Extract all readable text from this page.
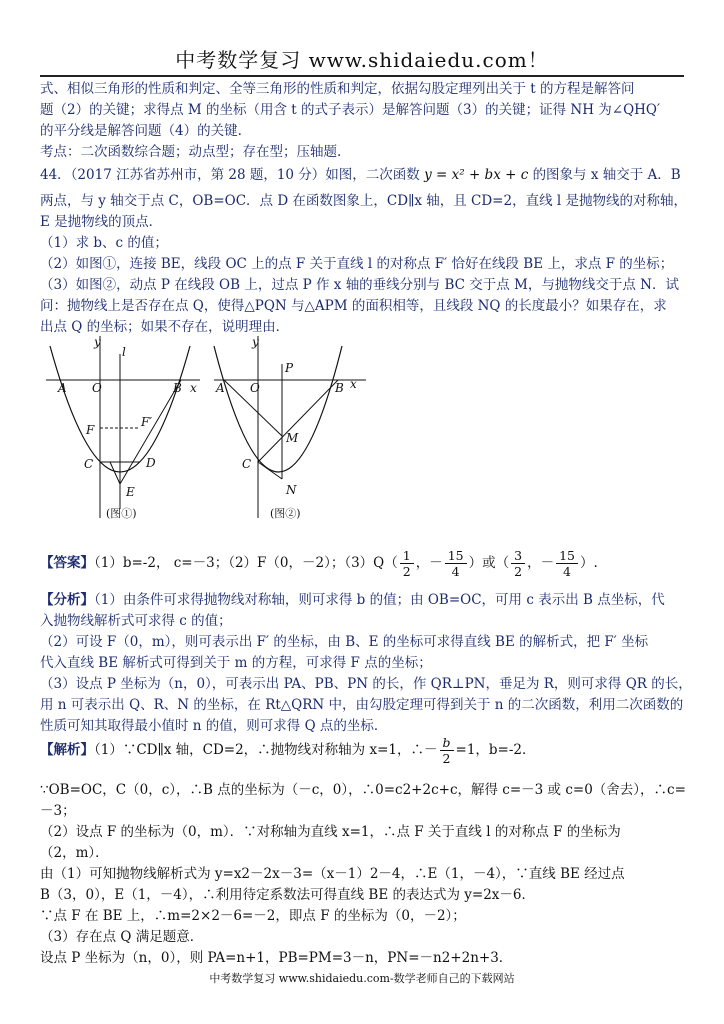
中考数学复习 www.shidaiedu.com！
式、相似三角形的性质和判定、全等三角形的性质和判定，依据勾股定理列出关于 t 的方程是解答问
题（2）的关键；求得点 M 的坐标（用含 t 的式子表示）是解答问题（3）的关键；证得 NH 为∠QHQ′
的平分线是解答问题（4）的关键.
考点：二次函数综合题；动点型；存在型；压轴题.
44．（2017 江苏省苏州市，第 28 题，10 分）如图，二次函数 y = x² + bx + c 的图象与 x 轴交于 A．B
两点，与 y 轴交于点 C，OB=OC．点 D 在函数图象上，CD∥x 轴，且 CD=2，直线 l 是抛物线的对称轴，
E 是抛物线的顶点．
（1）求 b、c 的值；
（2）如图①，连接 BE，线段 OC 上的点 F 关于直线 l 的对称点 F′ 恰好在线段 BE 上，求点 F 的坐标；
（3）如图②，动点 P 在线段 OB 上，过点 P 作 x 轴的垂线分别与 BC 交于点 M，与抛物线交于点 N．试
问：抛物线上是否存在点 Q，使得△PQN 与△APM 的面积相等，且线段 NQ 的长度最小？如果存在，求
出点 Q 的坐标；如果不存在，说明理由．
y
l
A O	B x
F
F′
C	D
E
(图①)
y
P
A O	B x
M
C
N
(图②)
【答案】（1）b=-2， c=－3；（2）F（0，－2）；$(3)Q( \frac{1}{2}$ ，－ $\frac{15}{4}$ ）或（ $\frac{3}{2}$ ，－ $\frac{15}{4}$ ）.
【分析】（1）由条件可求得抛物线对称轴，则可求得 b 的值；由 OB=OC，可用 c 表示出 B 点坐标，代
入抛物线解析式可求得 c 的值；
（2）可设 F（0，m），则可表示出 F′ 的坐标，由 B、E 的坐标可求得直线 BE 的解析式，把 F′ 坐标
代入直线 BE 解析式可得到关于 m 的方程，可求得 F 点的坐标；
（3）设点 P 坐标为（n，0），可表示出 PA、PB、PN 的长，作 QR⊥PN，垂足为 R，则可求得 QR 的长，
用 n 可表示出 Q、R、N 的坐标，在 Rt△QRN 中，由勾股定理可得到关于 n 的二次函数，利用二次函数的
性质可知其取得最小值时 n 的值，则可求得 Q 点的坐标．
【解析】（1）∵CD∥x 轴，CD=2，∴抛物线对称轴为 x=1，∴－ $\frac{b}{2} =1$，b=-2．
∵OB=OC，C（0，c），∴B 点的坐标为（－c，0），∴0=c2+2c+c，解得 c=－3 或 c=0（舍去），∴c=
－3；
（2）设点 F 的坐标为（0，m）．∵对称轴为直线 x=1，∴点 F 关于直线 l 的对称点 F 的坐标为
（2，m）．
由（1）可知抛物线解析式为 y=x2－2x－3=（x－1）2－4，∴E（1，－4），∵直线 BE 经过点
B（3，0），E（1，－4），∴利用待定系数法可得直线 BE 的表达式为 y=2x－6．
∵点 F 在 BE 上，∴m=2×2－6=－2，即点 F 的坐标为（0，－2）；
（3）存在点 Q 满足题意．
设点 P 坐标为（n，0），则 PA=n+1，PB=PM=3－n，PN=－n2+2n+3．
中考数学复习 www.shidaiedu.com-数学老师自己的下载网站
